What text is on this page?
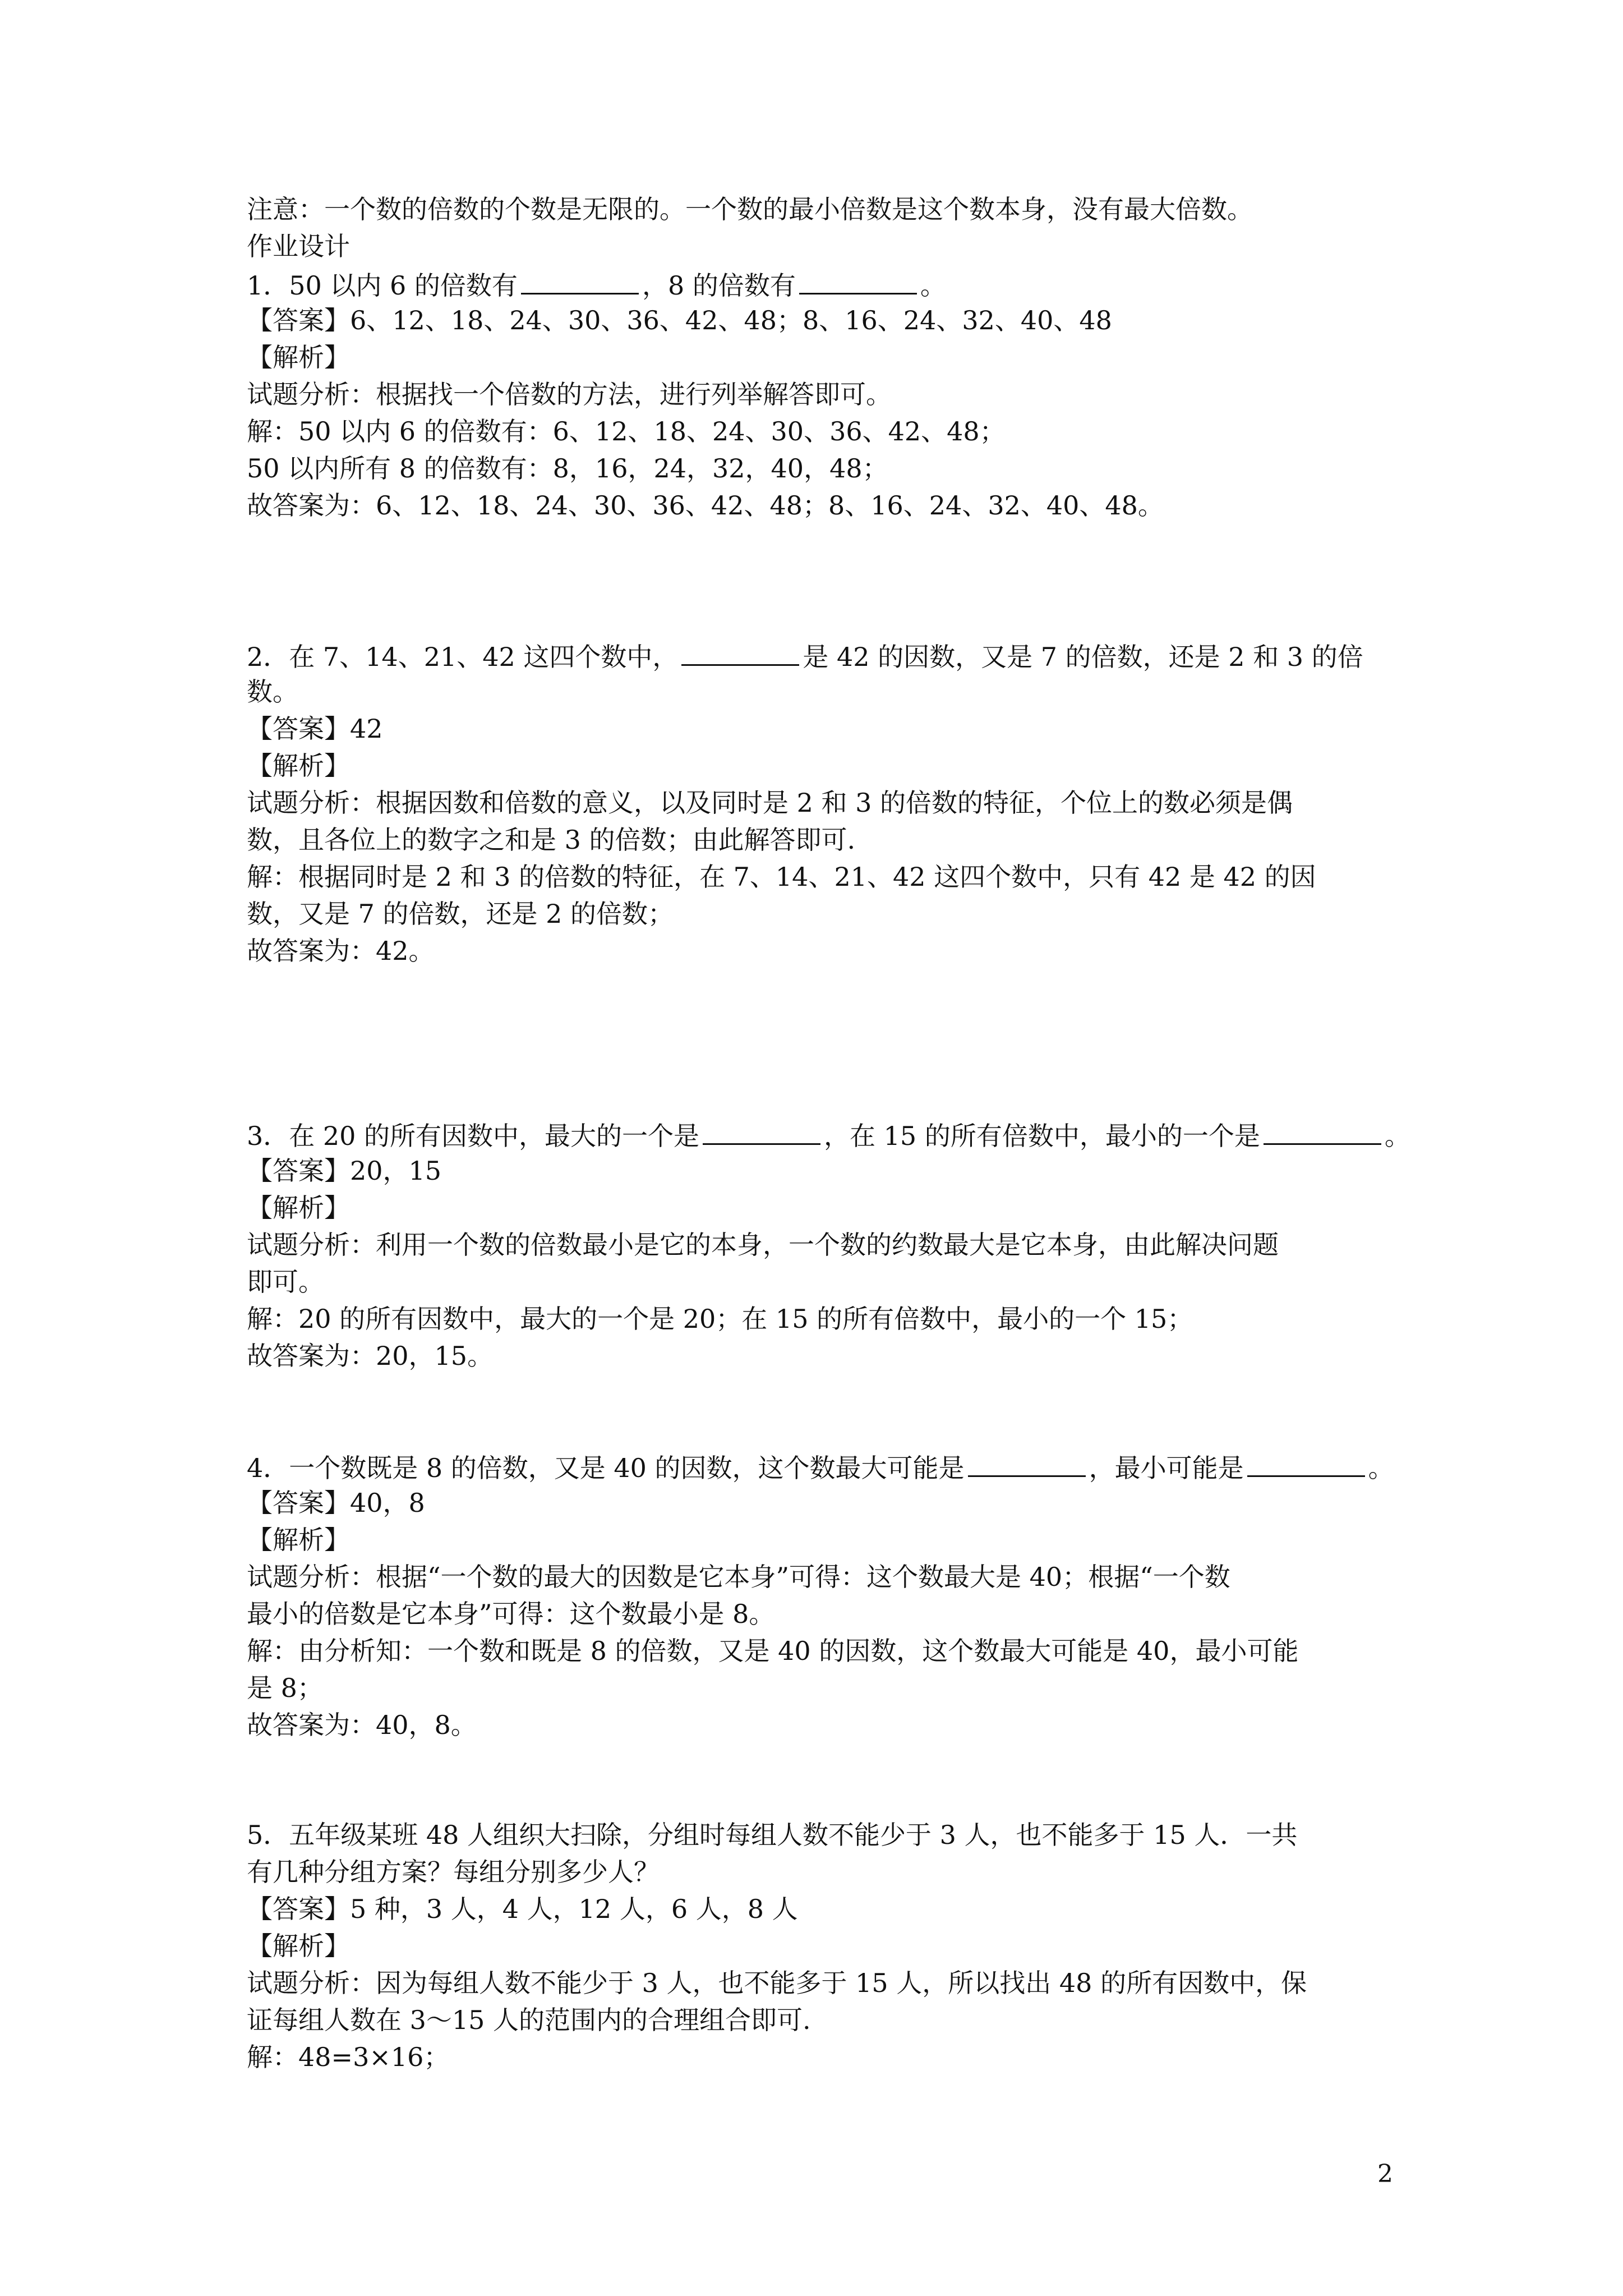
注意：一个数的倍数的个数是无限的。一个数的最小倍数是这个数本身，没有最大倍数。
作业设计
1．50 以内 6 的倍数有	，8 的倍数有	。
【答案】6、12、18、24、30、36、42、48；8、16、24、32、40、48
【解析】
试题分析：根据找一个倍数的方法，进行列举解答即可。
解：50 以内 6 的倍数有：6、12、18、24、30、36、42、48；
50 以内所有 8 的倍数有：8，16，24，32，40，48；
故答案为：6、12、18、24、30、36、42、48；8、16、24、32、40、48。
2．在 7、14、21、42 这四个数中，	是 42 的因数，又是 7 的倍数，还是 2 和 3 的倍
数。
【答案】42
【解析】
试题分析：根据因数和倍数的意义，以及同时是 2 和 3 的倍数的特征，个位上的数必须是偶
数，且各位上的数字之和是 3 的倍数；由此解答即可.
解：根据同时是 2 和 3 的倍数的特征，在 7、14、21、42 这四个数中，只有 42 是 42 的因
数，又是 7 的倍数，还是 2 的倍数；
故答案为：42。
3．在 20 的所有因数中，最大的一个是	，在 15 的所有倍数中，最小的一个是	。
【答案】20，15
【解析】
试题分析：利用一个数的倍数最小是它的本身，一个数的约数最大是它本身，由此解决问题
即可。
解：20 的所有因数中，最大的一个是 20；在 15 的所有倍数中，最小的一个 15；
故答案为：20，15。
4．一个数既是 8 的倍数，又是 40 的因数，这个数最大可能是	，最小可能是	。
【答案】40，8
【解析】
试题分析：根据“一个数的最大的因数是它本身”可得：这个数最大是 40；根据“一个数
最小的倍数是它本身”可得：这个数最小是 8。
解：由分析知：一个数和既是 8 的倍数，又是 40 的因数，这个数最大可能是 40，最小可能
是 8；
故答案为：40，8。
5．五年级某班 48 人组织大扫除，分组时每组人数不能少于 3 人，也不能多于 15 人．一共
有几种分组方案？每组分别多少人？
【答案】5 种，3 人，4 人，12 人，6 人，8 人
【解析】
试题分析：因为每组人数不能少于 3 人，也不能多于 15 人，所以找出 48 的所有因数中，保
证每组人数在 3～15 人的范围内的合理组合即可.
解：48=3×16；
2
